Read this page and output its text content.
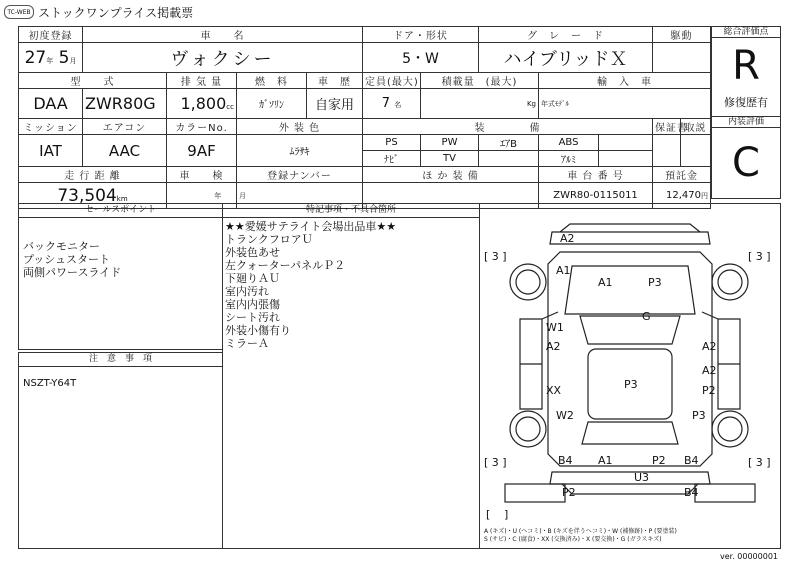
TC-WEB ストックワンプライス掲載票
初度登録	車　　名				ドア・形状		グ　レ　ー　ド			駆動	
27年 5月	ヴォクシー				5・W		ハイブリッドＸ				
型　　式		排 気 量	燃　料	車　歴	定員(最大)	積載量　(最大)		輸　入　車			
DAA	ZWR80G	1,800cc	ｶﾞｿﾘﾝ	自家用	7 名	Kg		年式ﾓﾃﾞﾙ			
ミッション	エアコン	カラーNo.	外 装 色		装　　　　備					保証書	取説
IAT	AAC	9AF	ﾑﾗｻｷ		PS	PW	ｴｱB	ABS			
					ﾅﾋﾞ	TV		ｱﾙﾐ			
走 行 距 離		車　　検	登録ナンバー		ほ か 装 備			車 台 番 号		預託金	
73,504km		年	月					ZWR80-0115011		12,470円	
総合評価点
R
修復歴有
内装評価
C
セールスポイント
バックモニター
プッシュスタート
両側パワースライド
注　意　事　項
NSZT-Y64T
特記事項・不具合箇所
★★愛媛サテライト会場出品車★★
トランクフロアＵ
外装色あせ
左クォーターパネルＰ２
下廻りＡＵ
室内汚れ
室内内張傷
シート汚れ
外装小傷有り
ミラーＡ
A2
A1
A1	P3
G
W1
A2	A2
A2
XX	P3	P2
W2	P3
B4 A1	P2 B4
U3
P2	B4
[ 3 ]	[ 3 ]
[ 3 ]	[ 3 ]
[ ]
A (キズ)・U (ヘコミ)・B (キズを伴うヘコミ)・W (補修跡)・P (要塗装)
S (サビ)・C (腐食)・XX (交換済み)・X (要交換)・G (ガラスキズ)
ver. 00000001
